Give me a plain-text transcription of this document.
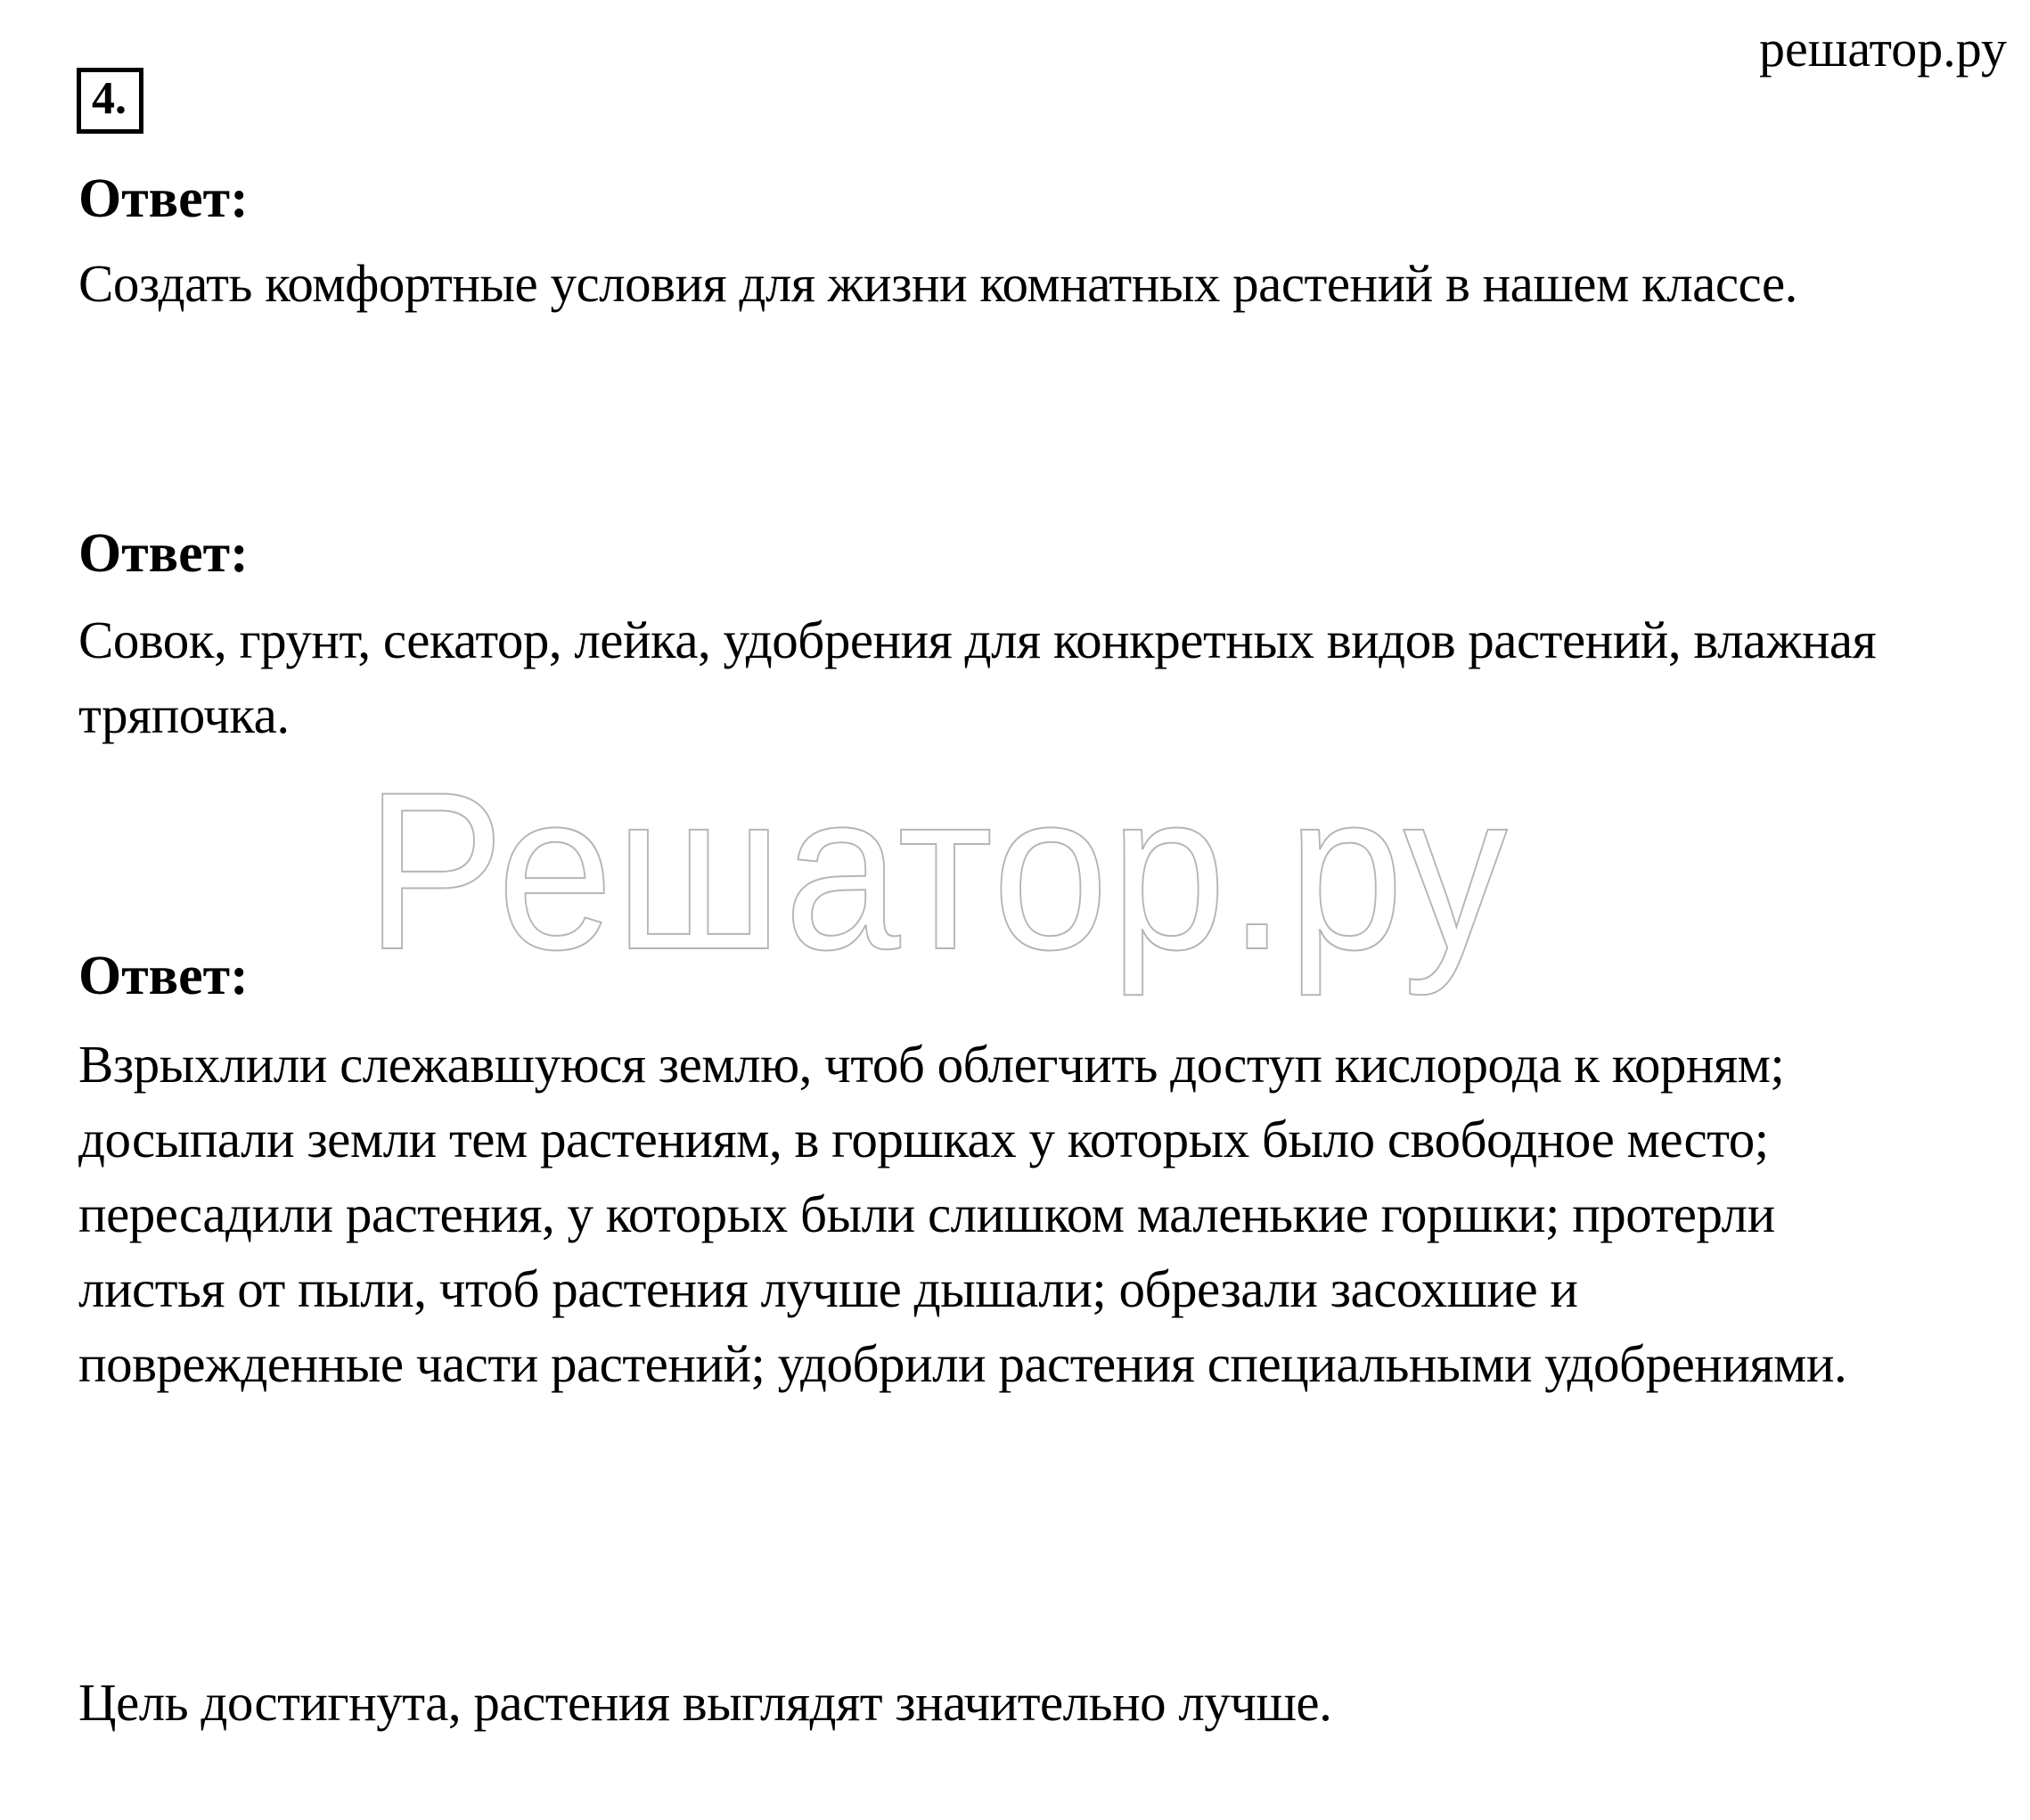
4.
решатор.ру
Решатор.ру
Ответ:
Создать комфортные условия для жизни комнатных растений в нашем классе.
Ответ:
Совок, грунт, секатор, лейка, удобрения для конкретных видов растений, влажная
тряпочка.
Ответ:
Взрыхлили слежавшуюся землю, чтоб облегчить доступ кислорода к корням;
досыпали земли тем растениям, в горшках у которых было свободное место;
пересадили растения, у которых были слишком маленькие горшки; протерли
листья от пыли, чтоб растения лучше дышали; обрезали засохшие и
поврежденные части растений; удобрили растения специальными удобрениями.
Цель достигнута, растения выглядят значительно лучше.
